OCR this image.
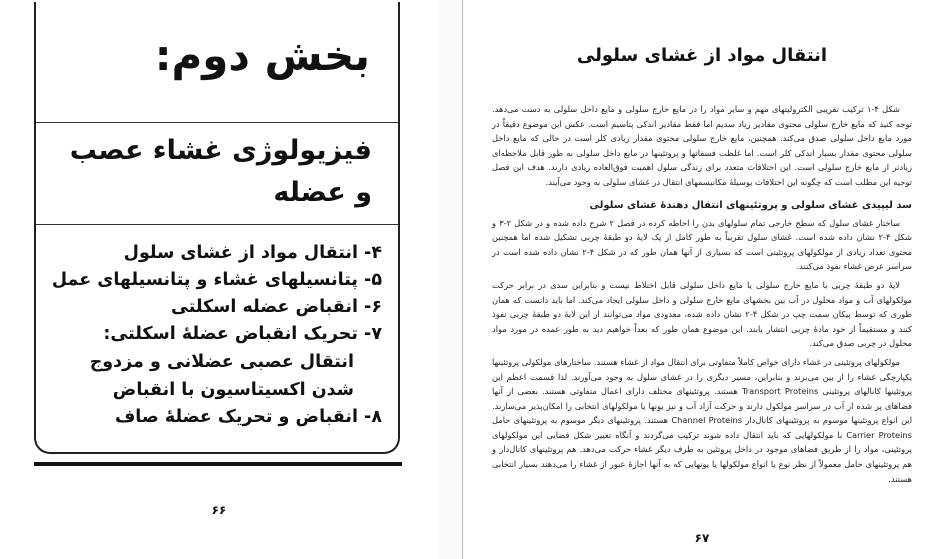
بخش دوم:
فیزیولوژی غشاء عصب و عضله
۴- انتقال مواد از غشای سلول
۵- پتانسیلهای غشاء و پتانسیلهای عمل
۶- انقباض عضله اسکلتی
۷- تحریک انقباض عضلهٔ اسکلتی:
انتقال عصبی عضلانی و مزدوج شدن اکسیتاسیون با انقباض
۸- انقباض و تحریک عضلهٔ صاف
۶۶
انتقال مواد از غشای سلولی

شکل ۴-۱ ترکیب تقریبی الکترولیتهای مهم و سایر مواد را در مایع خارج سلولی و مایع داخل سلولی به دست می‌دهد. توجه کنید که مایع خارج سلولی محتوی مقادیر زیاد سدیم اما فقط مقادیر اندکی پتاسیم است. عکس این موضوع دقیقاً در مورد مایع داخل سلولی صدق می‌کند. همچنین، مایع خارج سلولی محتوی مقدار زیادی کلر است در حالی که مایع داخل سلولی محتوی مقدار بسیار اندکی کلر است. اما غلظت فسفاتها و پروتئینها در مایع داخل سلولی به طور قابل ملاحظه‌ای زیادتر از مایع خارج سلولی است. این اختلافات متعدد برای زندگی سلول اهمیت فوق‌العاده زیادی دارند. هدف این فصل توجیه این مطلب است که چگونه این اختلافات بوسیلهٔ مکانیسمهای انتقال در غشای سلولی به وجود می‌آیند.

سد لیپیدی غشای سلولی و پروتئینهای انتقال دهندهٔ غشای سلولی

ساختار غشای سلول که سطح خارجی تمام سلولهای بدن را احاطه کرده در فصل ۲ شرح داده شده و در شکل ۲-۳ و شکل ۴-۲ نشان داده شده است. غشای سلول تقریباً به طور کامل از یک لایهٔ دو طبقهٔ چربی تشکیل شده اما همچنین محتوی تعداد زیادی از مولکولهای پروتئینی است که بسیاری از آنها همان طور که در شکل ۴-۲ نشان داده شده است در سراسر عرض غشاء نفوذ می‌کنند.

لایهٔ دو طبقهٔ چربی با مایع خارج سلولی یا مایع داخل سلولی قابل اختلاط نیست و بنابراین سدی در برابر حرکت مولکولهای آب و مواد محلول در آب بین بخشهای مایع خارج سلولی و داخل سلولی ایجاد می‌کند. اما باید دانست که همان طوری که توسط پیکان سمت چپ در شکل ۴-۲ نشان داده شده، معدودی مواد می‌توانند از این لایهٔ دو طبقهٔ چربی نفوذ کنند و مستقیماً از خود مادهٔ چربی انتشار یابند. این موضوع همان طور که بعداً خواهیم دید به طور عمده در مورد مواد محلول در چربی صدق می‌کند.

مولکولهای پروتئینی در غشاء دارای خواص کاملاً متفاوتی برای انتقال مواد از غشاء هستند. ساختارهای مولکولی پروتئینها یکپارچگی غشاء را از بین می‌برند و بنابراین، مسیر دیگری را در غشای سلول به وجود می‌آورند. لذا قسمت اعظم این پروتئینها کانالهای پروتئینی Transport Proteins هستند. پروتئینهای مختلف دارای اعمال متفاوتی هستند. بعضی از آنها فضاهای پر شده از آب در سراسر مولکول دارند و حرکت آزاد آب و نیز یونها یا مولکولهای انتخابی را امکان‌پذیر می‌سازند. این انواع پروتئینها موسوم به پروتئینهای کانال‌دار Channel Proteins هستند. پروتئینهای دیگر موسوم به پروتئینهای حامل Carrier Proteins با مولکولهایی که باید انتقال داده شوند ترکیب می‌گردند و آنگاه تغییر شکل فضایی این مولکولهای پروتئینی، مواد را از طریق فضاهای موجود در داخل پروتئین به طرف دیگر غشاء حرکت می‌دهد. هم پروتئینهای کانال‌دار و هم پروتئینهای حامل معمولاً از نظر نوع یا انواع مولکولها یا یونهایی که به آنها اجازهٔ عبور از غشاء را می‌دهند بسیار انتخابی هستند.

۶۷
